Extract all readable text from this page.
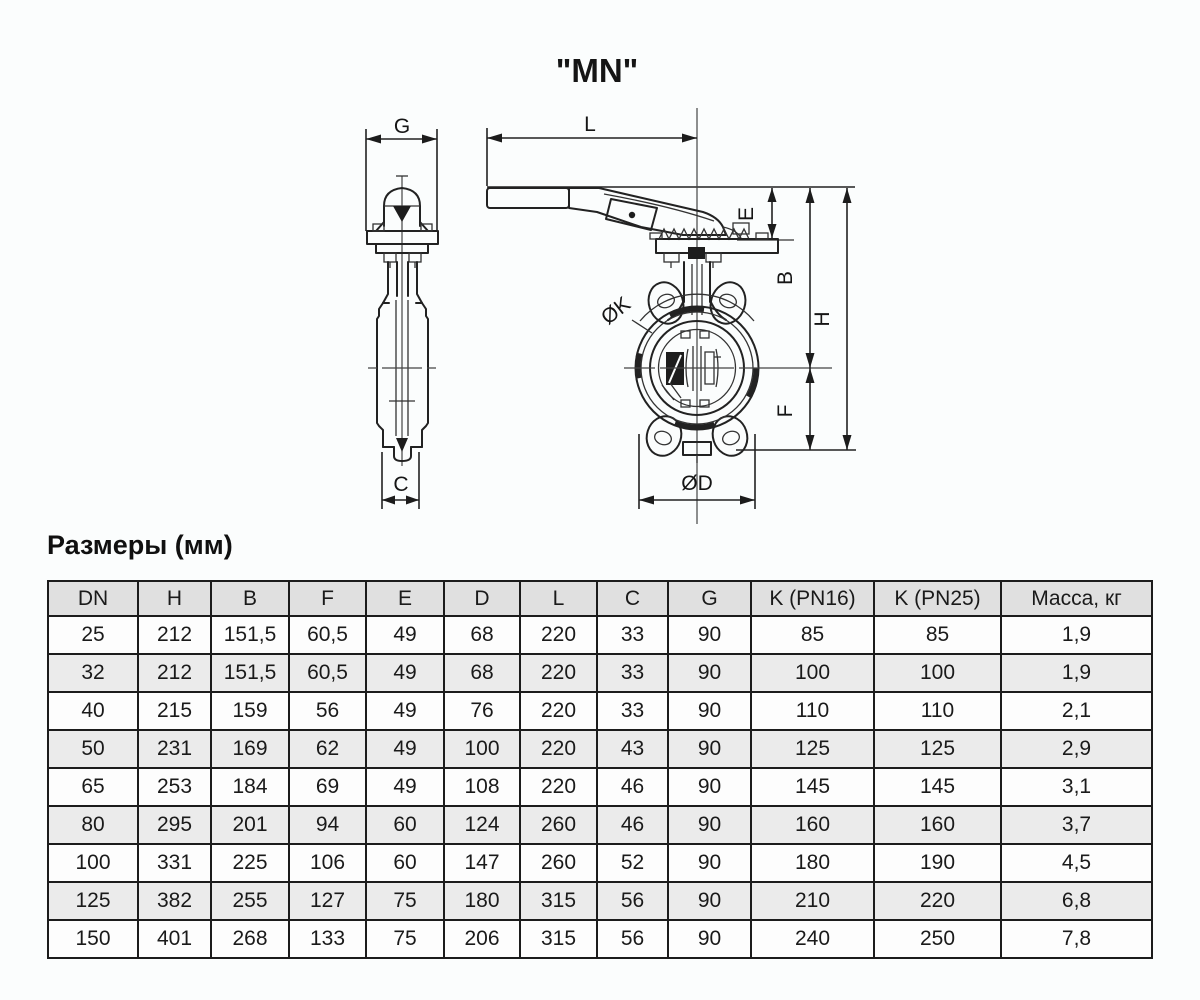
"MN"
G
C
L
ØK
ØD
E
B
F
H
Размеры (мм)
DN	H	B	F	E	D	L	C	G	K (PN16)	K (PN25)	Масса, кг
25	212	151,5	60,5	49	68	220	33	90	85	85	1,9
32	212	151,5	60,5	49	68	220	33	90	100	100	1,9
40	215	159	56	49	76	220	33	90	110	110	2,1
50	231	169	62	49	100	220	43	90	125	125	2,9
65	253	184	69	49	108	220	46	90	145	145	3,1
80	295	201	94	60	124	260	46	90	160	160	3,7
100	331	225	106	60	147	260	52	90	180	190	4,5
125	382	255	127	75	180	315	56	90	210	220	6,8
150	401	268	133	75	206	315	56	90	240	250	7,8
